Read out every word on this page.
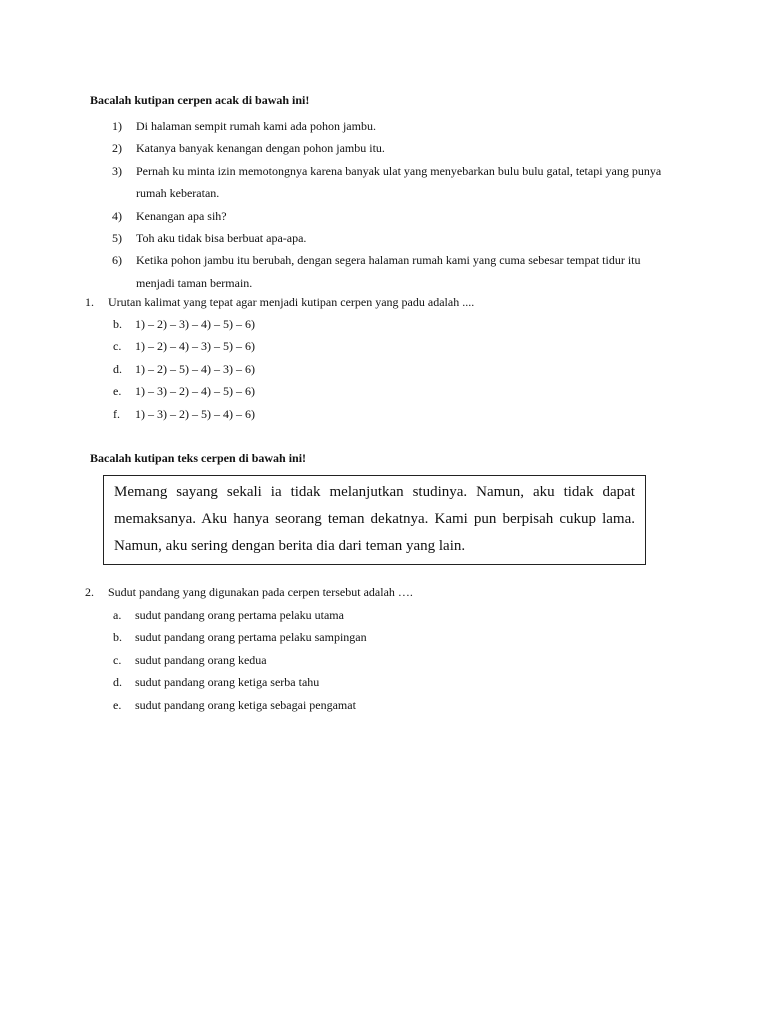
Bacalah kutipan cerpen acak di bawah ini!
1) Di halaman sempit rumah kami ada pohon jambu.
2) Katanya banyak kenangan dengan pohon jambu itu.
3) Pernah ku minta izin memotongnya karena banyak ulat yang menyebarkan bulu bulu gatal, tetapi yang punya rumah keberatan.
4) Kenangan apa sih?
5) Toh aku tidak bisa berbuat apa-apa.
6) Ketika pohon jambu itu berubah, dengan segera halaman rumah kami yang cuma sebesar tempat tidur itu menjadi taman bermain.
1. Urutan kalimat yang tepat agar menjadi kutipan cerpen yang padu adalah ....
b. 1) – 2) – 3) – 4) – 5) – 6)
c. 1) – 2) – 4) – 3) – 5) – 6)
d. 1) – 2) – 5) – 4) – 3) – 6)
e. 1) – 3) – 2) – 4) – 5) – 6)
f. 1) – 3) – 2) – 5) – 4) – 6)
Bacalah kutipan teks cerpen di bawah ini!

Memang sayang sekali ia tidak melanjutkan studinya. Namun, aku tidak dapat memaksanya. Aku hanya seorang teman dekatnya. Kami pun berpisah cukup lama. Namun, aku sering dengan berita dia dari teman yang lain.

2. Sudut pandang yang digunakan pada cerpen tersebut adalah ….
a. sudut pandang orang pertama pelaku utama
b. sudut pandang orang pertama pelaku sampingan
c. sudut pandang orang kedua
d. sudut pandang orang ketiga serba tahu
e. sudut pandang orang ketiga sebagai pengamat
